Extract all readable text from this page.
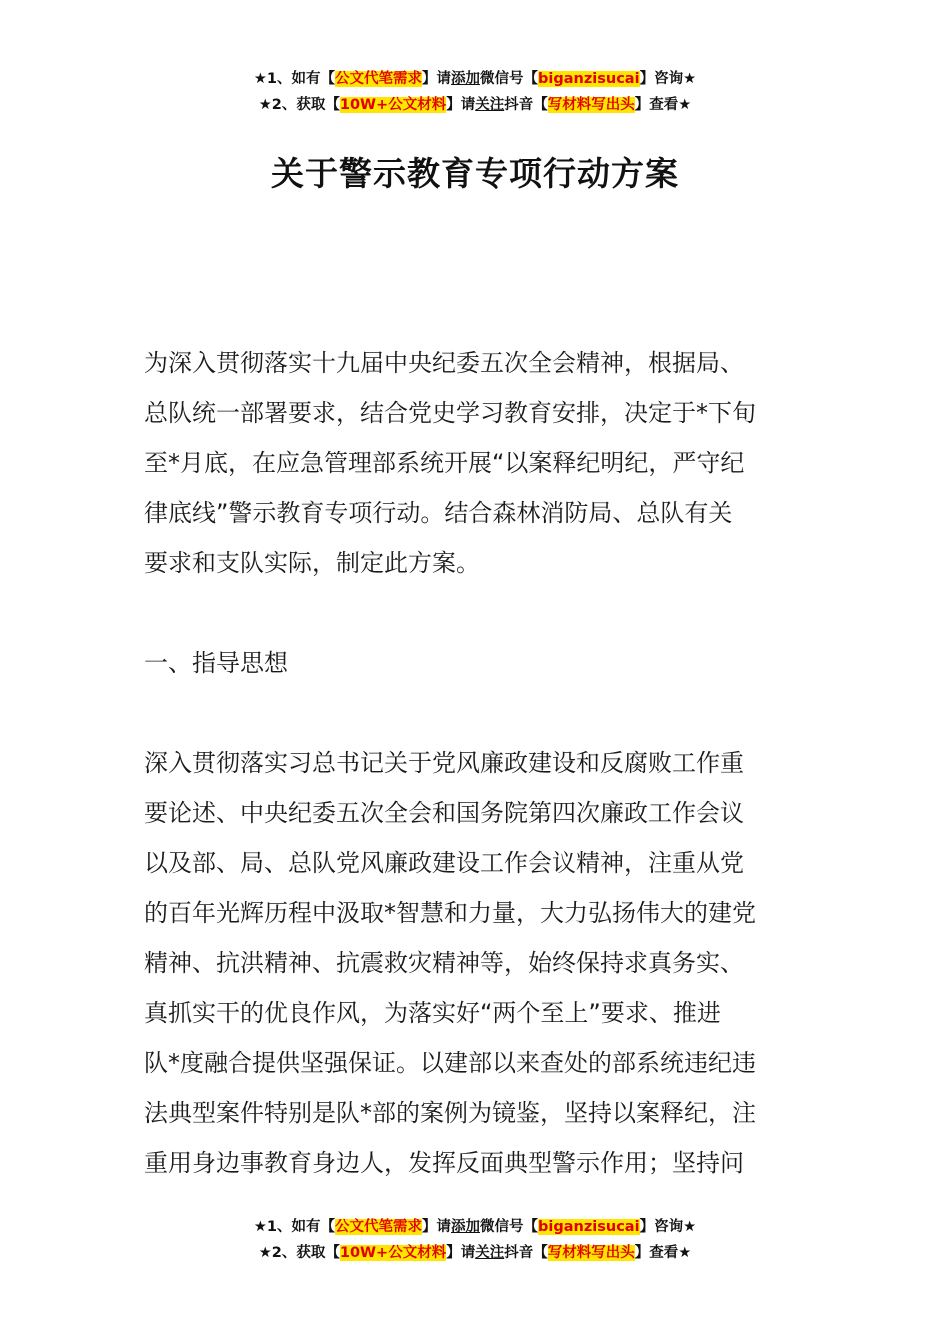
★1、如有【公文代笔需求】请添加微信号【biganzisucai】咨询★
★2、获取【10W+公文材料】请关注抖音【写材料写出头】查看★
关于警示教育专项行动方案
为深入贯彻落实十九届中央纪委五次全会精神，根据局、
总队统一部署要求，结合党史学习教育安排，决定于*下旬
至*月底，在应急管理部系统开展“以案释纪明纪，严守纪
律底线”警示教育专项行动。结合森林消防局、总队有关
要求和支队实际，制定此方案。
一、指导思想
深入贯彻落实习总书记关于党风廉政建设和反腐败工作重
要论述、中央纪委五次全会和国务院第四次廉政工作会议
以及部、局、总队党风廉政建设工作会议精神，注重从党
的百年光辉历程中汲取*智慧和力量，大力弘扬伟大的建党
精神、抗洪精神、抗震救灾精神等，始终保持求真务实、
真抓实干的优良作风，为落实好“两个至上”要求、推进
队*度融合提供坚强保证。以建部以来查处的部系统违纪违
法典型案件特别是队*部的案例为镜鉴，坚持以案释纪，注
重用身边事教育身边人，发挥反面典型警示作用；坚持问
★1、如有【公文代笔需求】请添加微信号【biganzisucai】咨询★
★2、获取【10W+公文材料】请关注抖音【写材料写出头】查看★
